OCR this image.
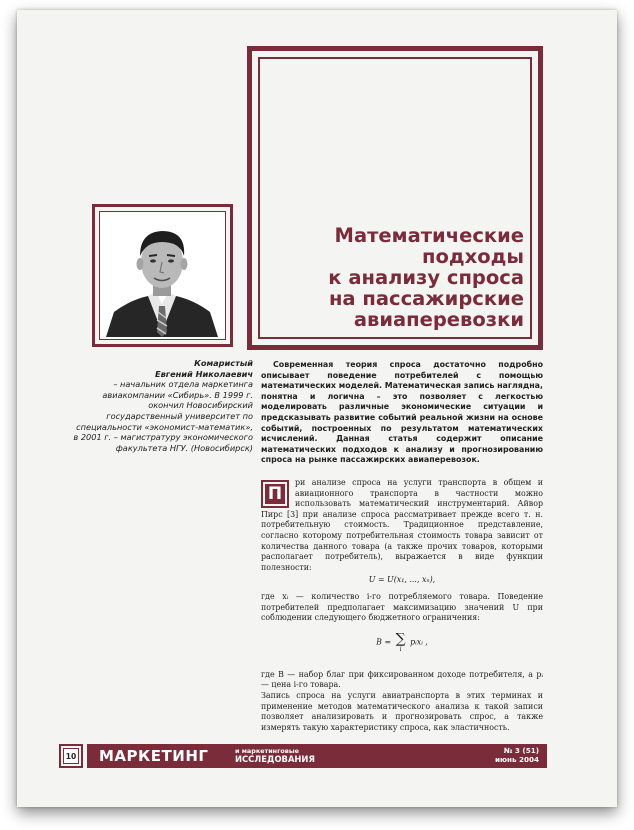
Математические
подходы
к анализу спроса
на пассажирские
авиаперевозки
Комаристый
Евгений Николаевич
– начальник отдела маркетинга авиакомпании «Сибирь». В 1999 г. окончил Новосибирский государственный университет по специальности «экономист-математик», в 2001 г. – магистратуру экономического факультета НГУ. (Новосибирск)
Современная теория спроса достаточно подробно описывает поведение потребителей с помощью математических моделей. Математическая запись наглядна, понятна и логична – это позволяет с легкостью моделировать различные экономические ситуации и предсказывать развитие событий реальной жизни на основе событий, построенных по результатом математических исчислений. Данная статья содержит описание математических подходов к анализу и прогнозированию спроса на рынке пассажирских авиаперевозок.
П

ри анализе спроса на услуги транспорта в общем и авиационного транспорта в частности можно использовать математический инструментарий. Айвор Пирс [3] при анализе спроса рассматривает прежде всего т. н. потребительную стоимость. Традиционное представление, согласно которому потребительная стоимость товара зависит от количества данного товара (а также прочих товаров, которыми располагает потребитель), выражается в виде функции полезности:

U = U(x₁, ..., xₙ),

где xᵢ — количество i-го потребляемого товара. Поведение потребителей предполагает максимизацию значений U при соблюдении следующего бюджетного ограничения:

B = ∑
i
pᵢxᵢ ,

где B — набор благ при фиксированном доходе потребителя, а pᵢ — цена i-го товара.

Запись спроса на услуги авиатранспорта в этих терминах и применение методов математического анализа к такой записи позволяет анализировать и прогнозировать спрос, а также измерять такую характеристику спроса, как эластичность.

10 МАРКЕТИНГ	и маркетинговые
ИССЛЕДОВАНИЯ
№ 3 (51)
июнь 2004
